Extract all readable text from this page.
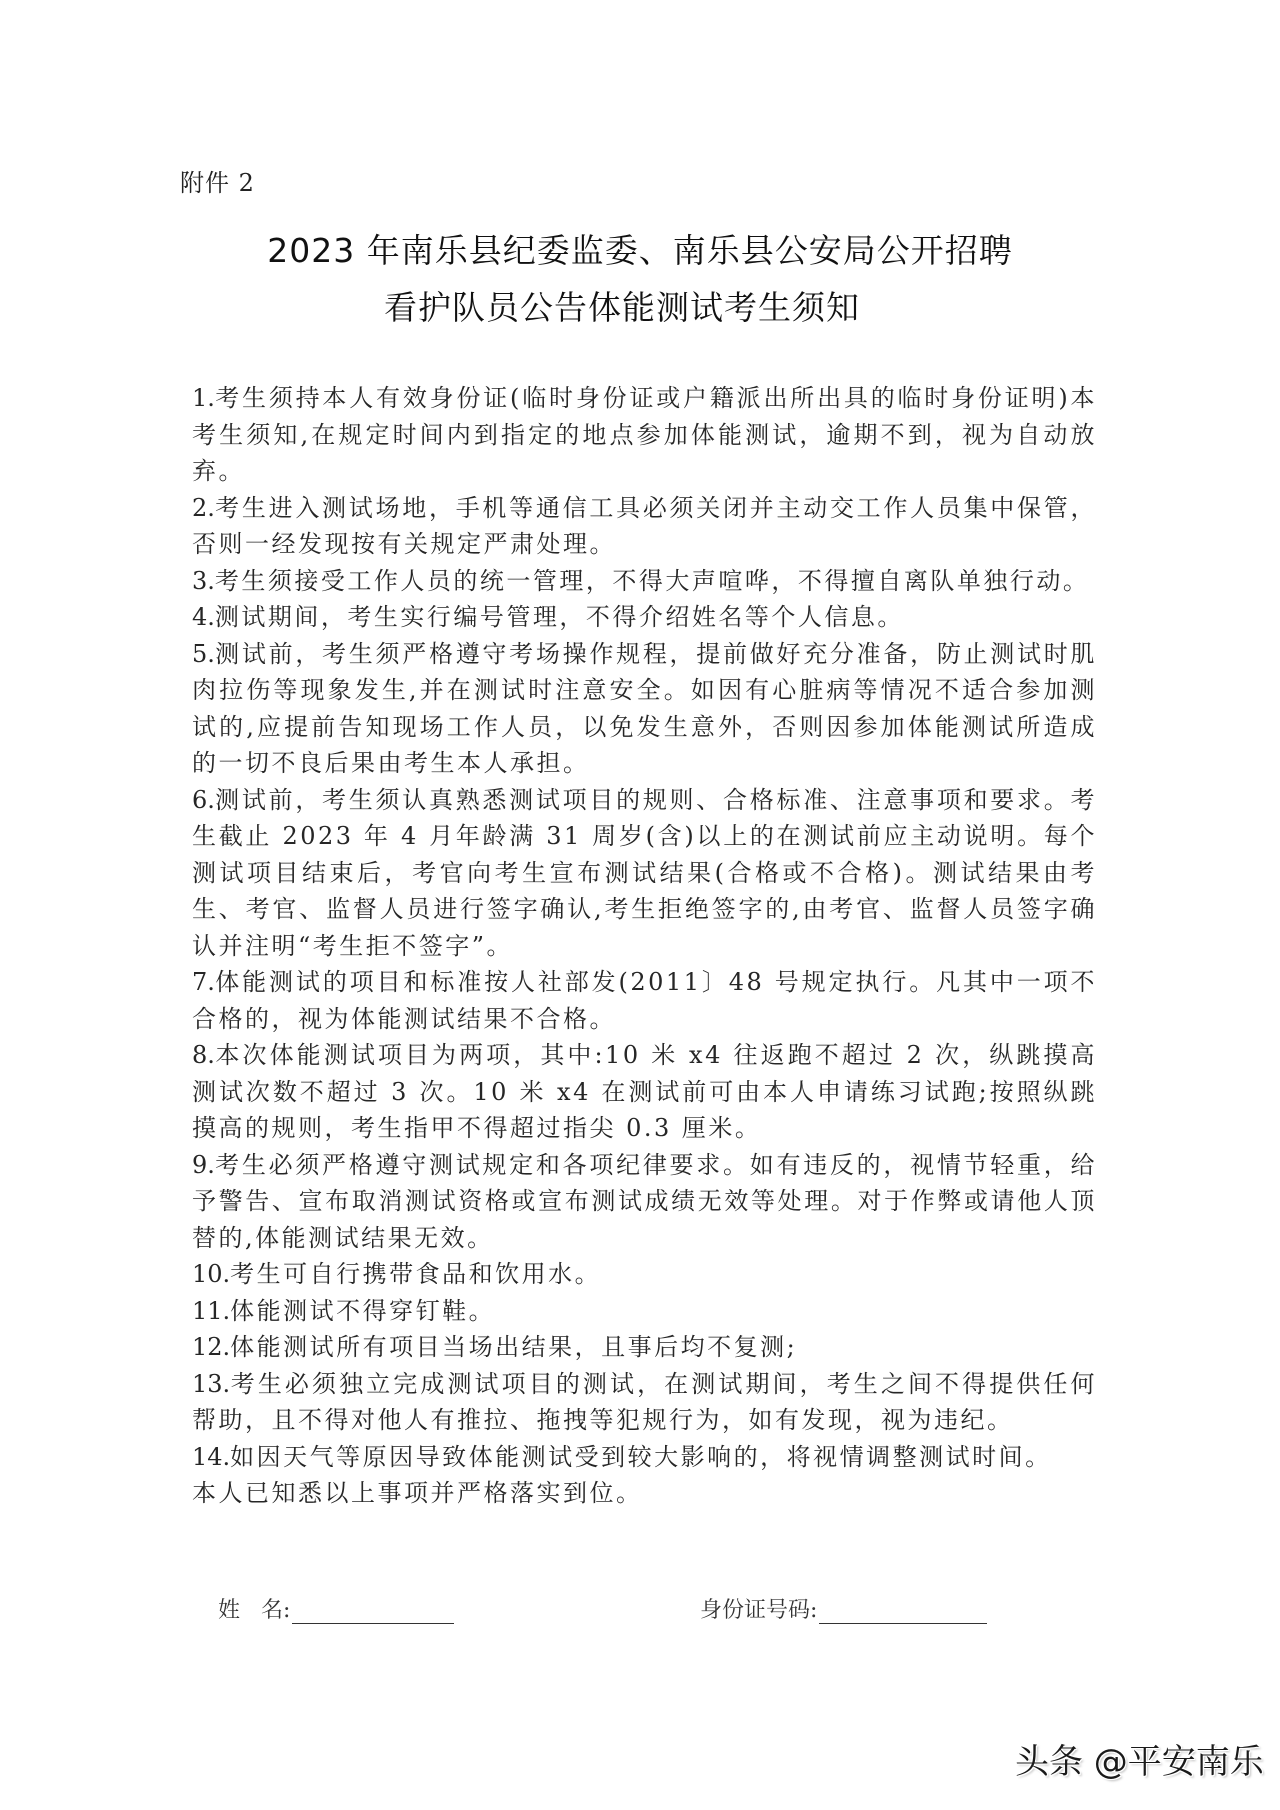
附件 2
2023 年南乐县纪委监委、南乐县公安局公开招聘
看护队员公告体能测试考生须知

1.考生须持本人有效身份证(临时身份证或户籍派出所出具的临时身份证明)本考生须知,在规定时间内到指定的地点参加体能测试，逾期不到，视为自动放弃。

2.考生进入测试场地，手机等通信工具必须关闭并主动交工作人员集中保管，否则一经发现按有关规定严肃处理。

3.考生须接受工作人员的统一管理，不得大声喧哗，不得擅自离队单独行动。

4.测试期间，考生实行编号管理，不得介绍姓名等个人信息。

5.测试前，考生须严格遵守考场操作规程，提前做好充分准备，防止测试时肌肉拉伤等现象发生,并在测试时注意安全。如因有心脏病等情况不适合参加测试的,应提前告知现场工作人员，以免发生意外，否则因参加体能测试所造成的一切不良后果由考生本人承担。

6.测试前，考生须认真熟悉测试项目的规则、合格标准、注意事项和要求。考生截止 2023 年 4 月年龄满 31 周岁(含)以上的在测试前应主动说明。每个测试项目结束后，考官向考生宣布测试结果(合格或不合格)。测试结果由考生、考官、监督人员进行签字确认,考生拒绝签字的,由考官、监督人员签字确认并注明“考生拒不签字”。

7.体能测试的项目和标准按人社部发(2011〕48 号规定执行。凡其中一项不合格的，视为体能测试结果不合格。

8.本次体能测试项目为两项，其中:10 米 x4 往返跑不超过 2 次，纵跳摸高测试次数不超过 3 次。10 米 x4 在测试前可由本人申请练习试跑;按照纵跳摸高的规则，考生指甲不得超过指尖 0.3 厘米。

9.考生必须严格遵守测试规定和各项纪律要求。如有违反的，视情节轻重，给予警告、宣布取消测试资格或宣布测试成绩无效等处理。对于作弊或请他人顶替的,体能测试结果无效。

10.考生可自行携带食品和饮用水。

11.体能测试不得穿钉鞋。

12.体能测试所有项目当场出结果，且事后均不复测;

13.考生必须独立完成测试项目的测试，在测试期间，考生之间不得提供任何帮助，且不得对他人有推拉、拖拽等犯规行为，如有发现，视为违纪。

14.如因天气等原因导致体能测试受到较大影响的，将视情调整测试时间。

本人已知悉以上事项并严格落实到位。

姓   名:	身份证号码:
头条 @平安南乐
